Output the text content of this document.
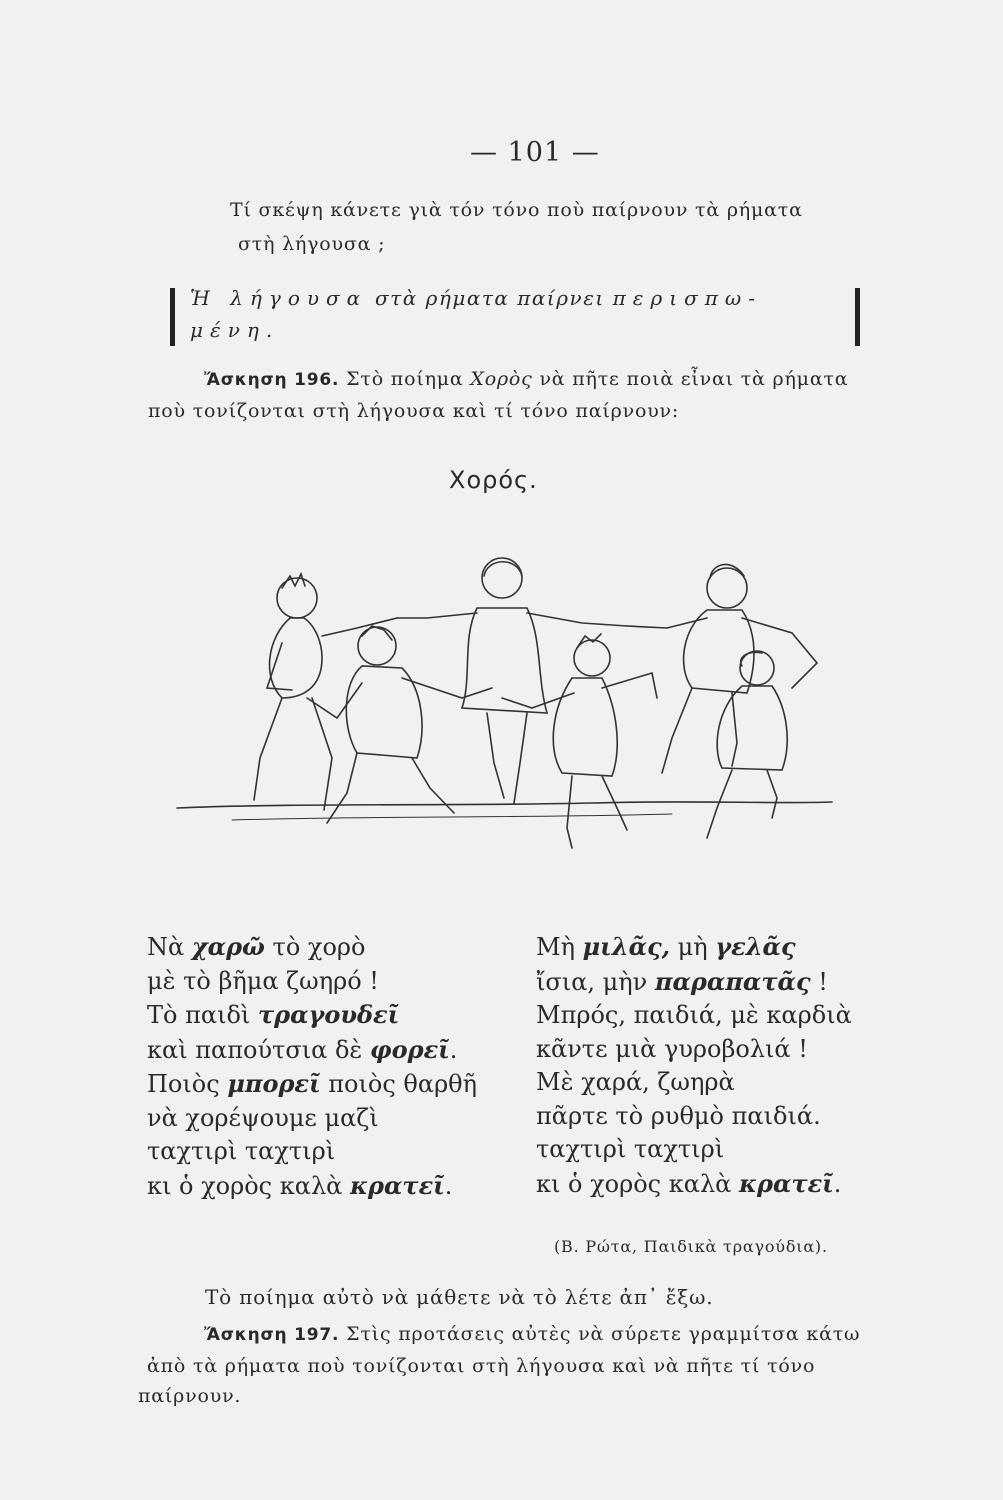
— 101 —
Τί σκέψη κάνετε γιὰ τόν τόνο ποὺ παίρνουν τὰ ρήματα
στὴ λήγουσα ;
Ἡ λήγουσα στὰ ρήματα παίρνει περισπω-
μένη.
Ἄσκηση 196. Στὸ ποίημα Χορὸς νὰ πῆτε ποιὰ εἶναι τὰ ρήματα
ποὺ τονίζονται στὴ λήγουσα καὶ τί τόνο παίρνουν:
Χορός.
Νὰ χαρῶ τὸ χορὸ
μὲ τὸ βῆμα ζωηρό !
Τὸ παιδὶ τραγουδεῖ
καὶ παπούτσια δὲ φορεῖ.
Ποιὸς μπορεῖ ποιὸς θαρθῆ
νὰ χορέψουμε μαζὶ
ταχτιρὶ ταχτιρὶ
κι ὁ χορὸς καλὰ κρατεῖ.
Μὴ μιλᾶς, μὴ γελᾶς
ἴσια, μὴν παραπατᾶς !
Μπρός, παιδιά, μὲ καρδιὰ
κᾶντε μιὰ γυροβολιά !
Μὲ χαρά, ζωηρὰ
πᾶρτε τὸ ρυθμὸ παιδιά.
ταχτιρὶ ταχτιρὶ
κι ὁ χορὸς καλὰ κρατεῖ.
(Β. Ρώτα, Παιδικὰ τραγούδια).
Τὸ ποίημα αὐτὸ νὰ μάθετε νὰ τὸ λέτε ἀπ᾿ ἔξω.
Ἄσκηση 197. Στὶς προτάσεις αὐτὲς νὰ σύρετε γραμμίτσα κάτω
ἀπὸ τὰ ρήματα ποὺ τονίζονται στὴ λήγουσα καὶ νὰ πῆτε τί τόνο
παίρνουν.
